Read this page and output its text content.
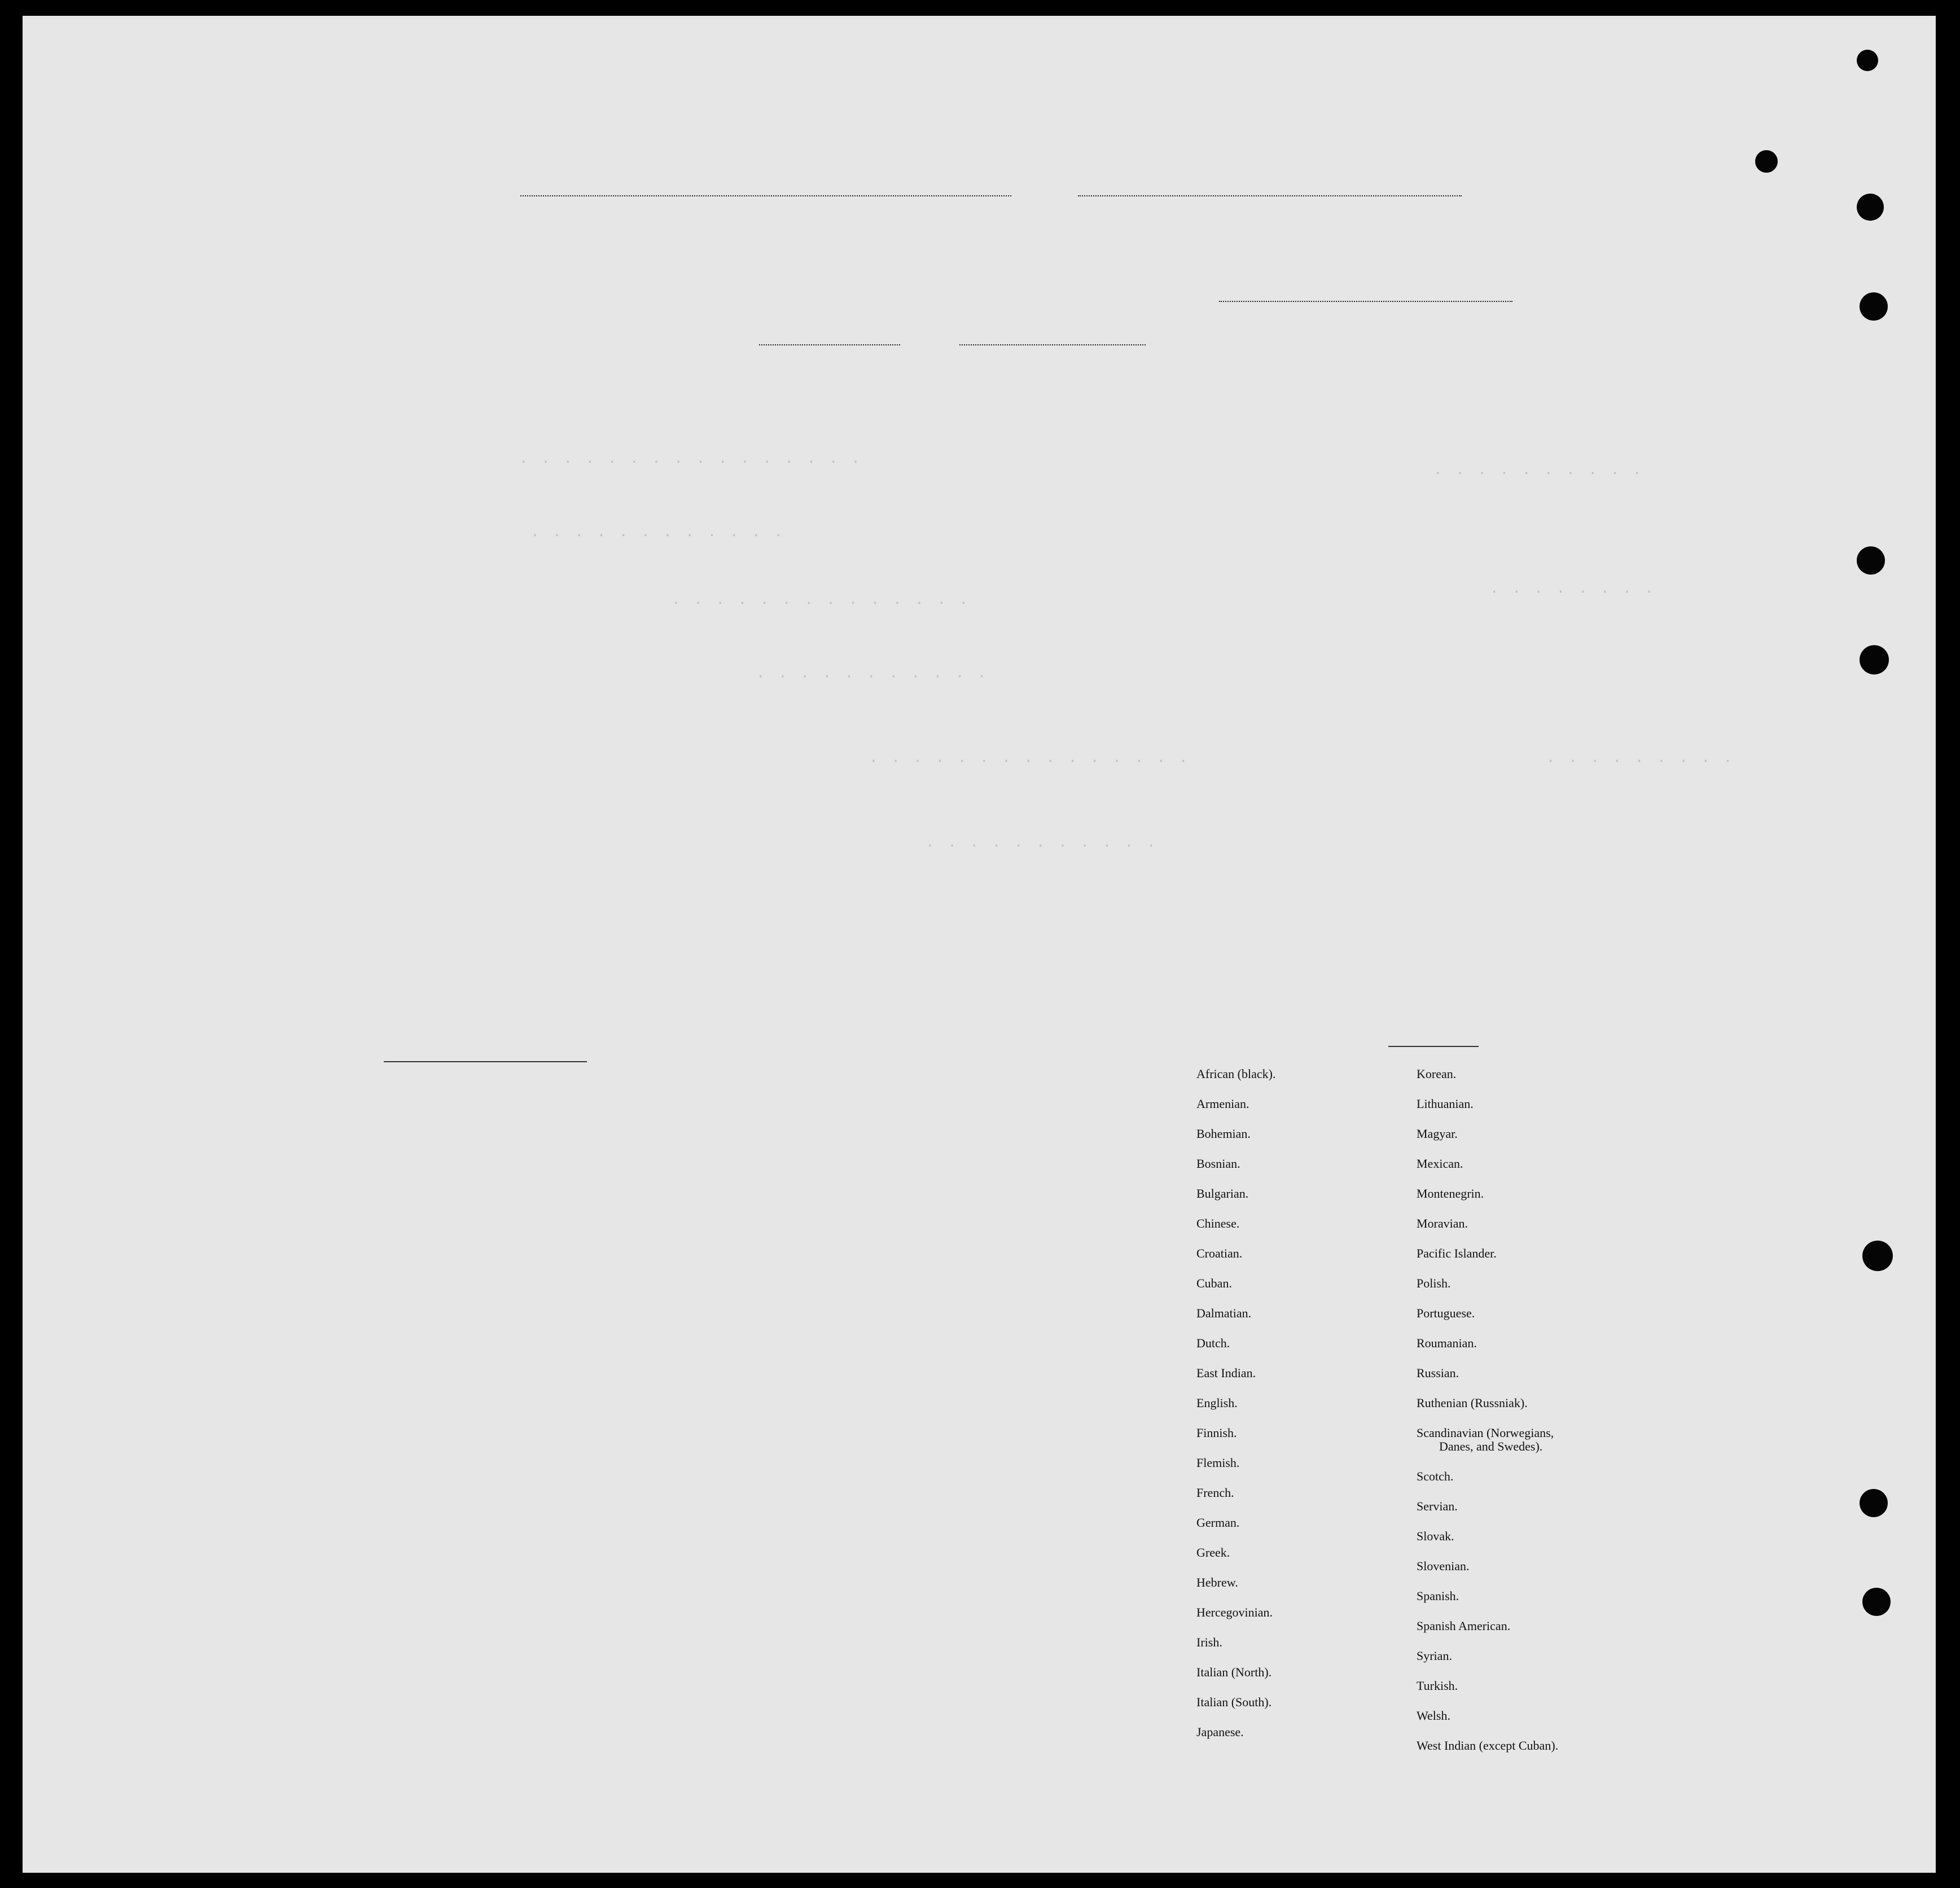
. . . . . . . . . . . . . . . .
. . . . . . . . . . . .
. . . . . . . . . . . . . .
. . . . . . . . . . .
. . . . . . . . . . . . . . .
. . . . . . . . . . .
. . . . . . . . . .
. . . . . . . .
. . . . . . . . .
African (black).
Armenian.
Bohemian.
Bosnian.
Bulgarian.
Chinese.
Croatian.
Cuban.
Dalmatian.
Dutch.
East Indian.
English.
Finnish.
Flemish.
French.
German.
Greek.
Hebrew.
Hercegovinian.
Irish.
Italian (North).
Italian (South).
Japanese.
Korean.
Lithuanian.
Magyar.
Mexican.
Montenegrin.
Moravian.
Pacific Islander.
Polish.
Portuguese.
Roumanian.
Russian.
Ruthenian (Russniak).
Scandinavian (Norwegians,
Danes, and Swedes).
Scotch.
Servian.
Slovak.
Slovenian.
Spanish.
Spanish American.
Syrian.
Turkish.
Welsh.
West Indian (except Cuban).
